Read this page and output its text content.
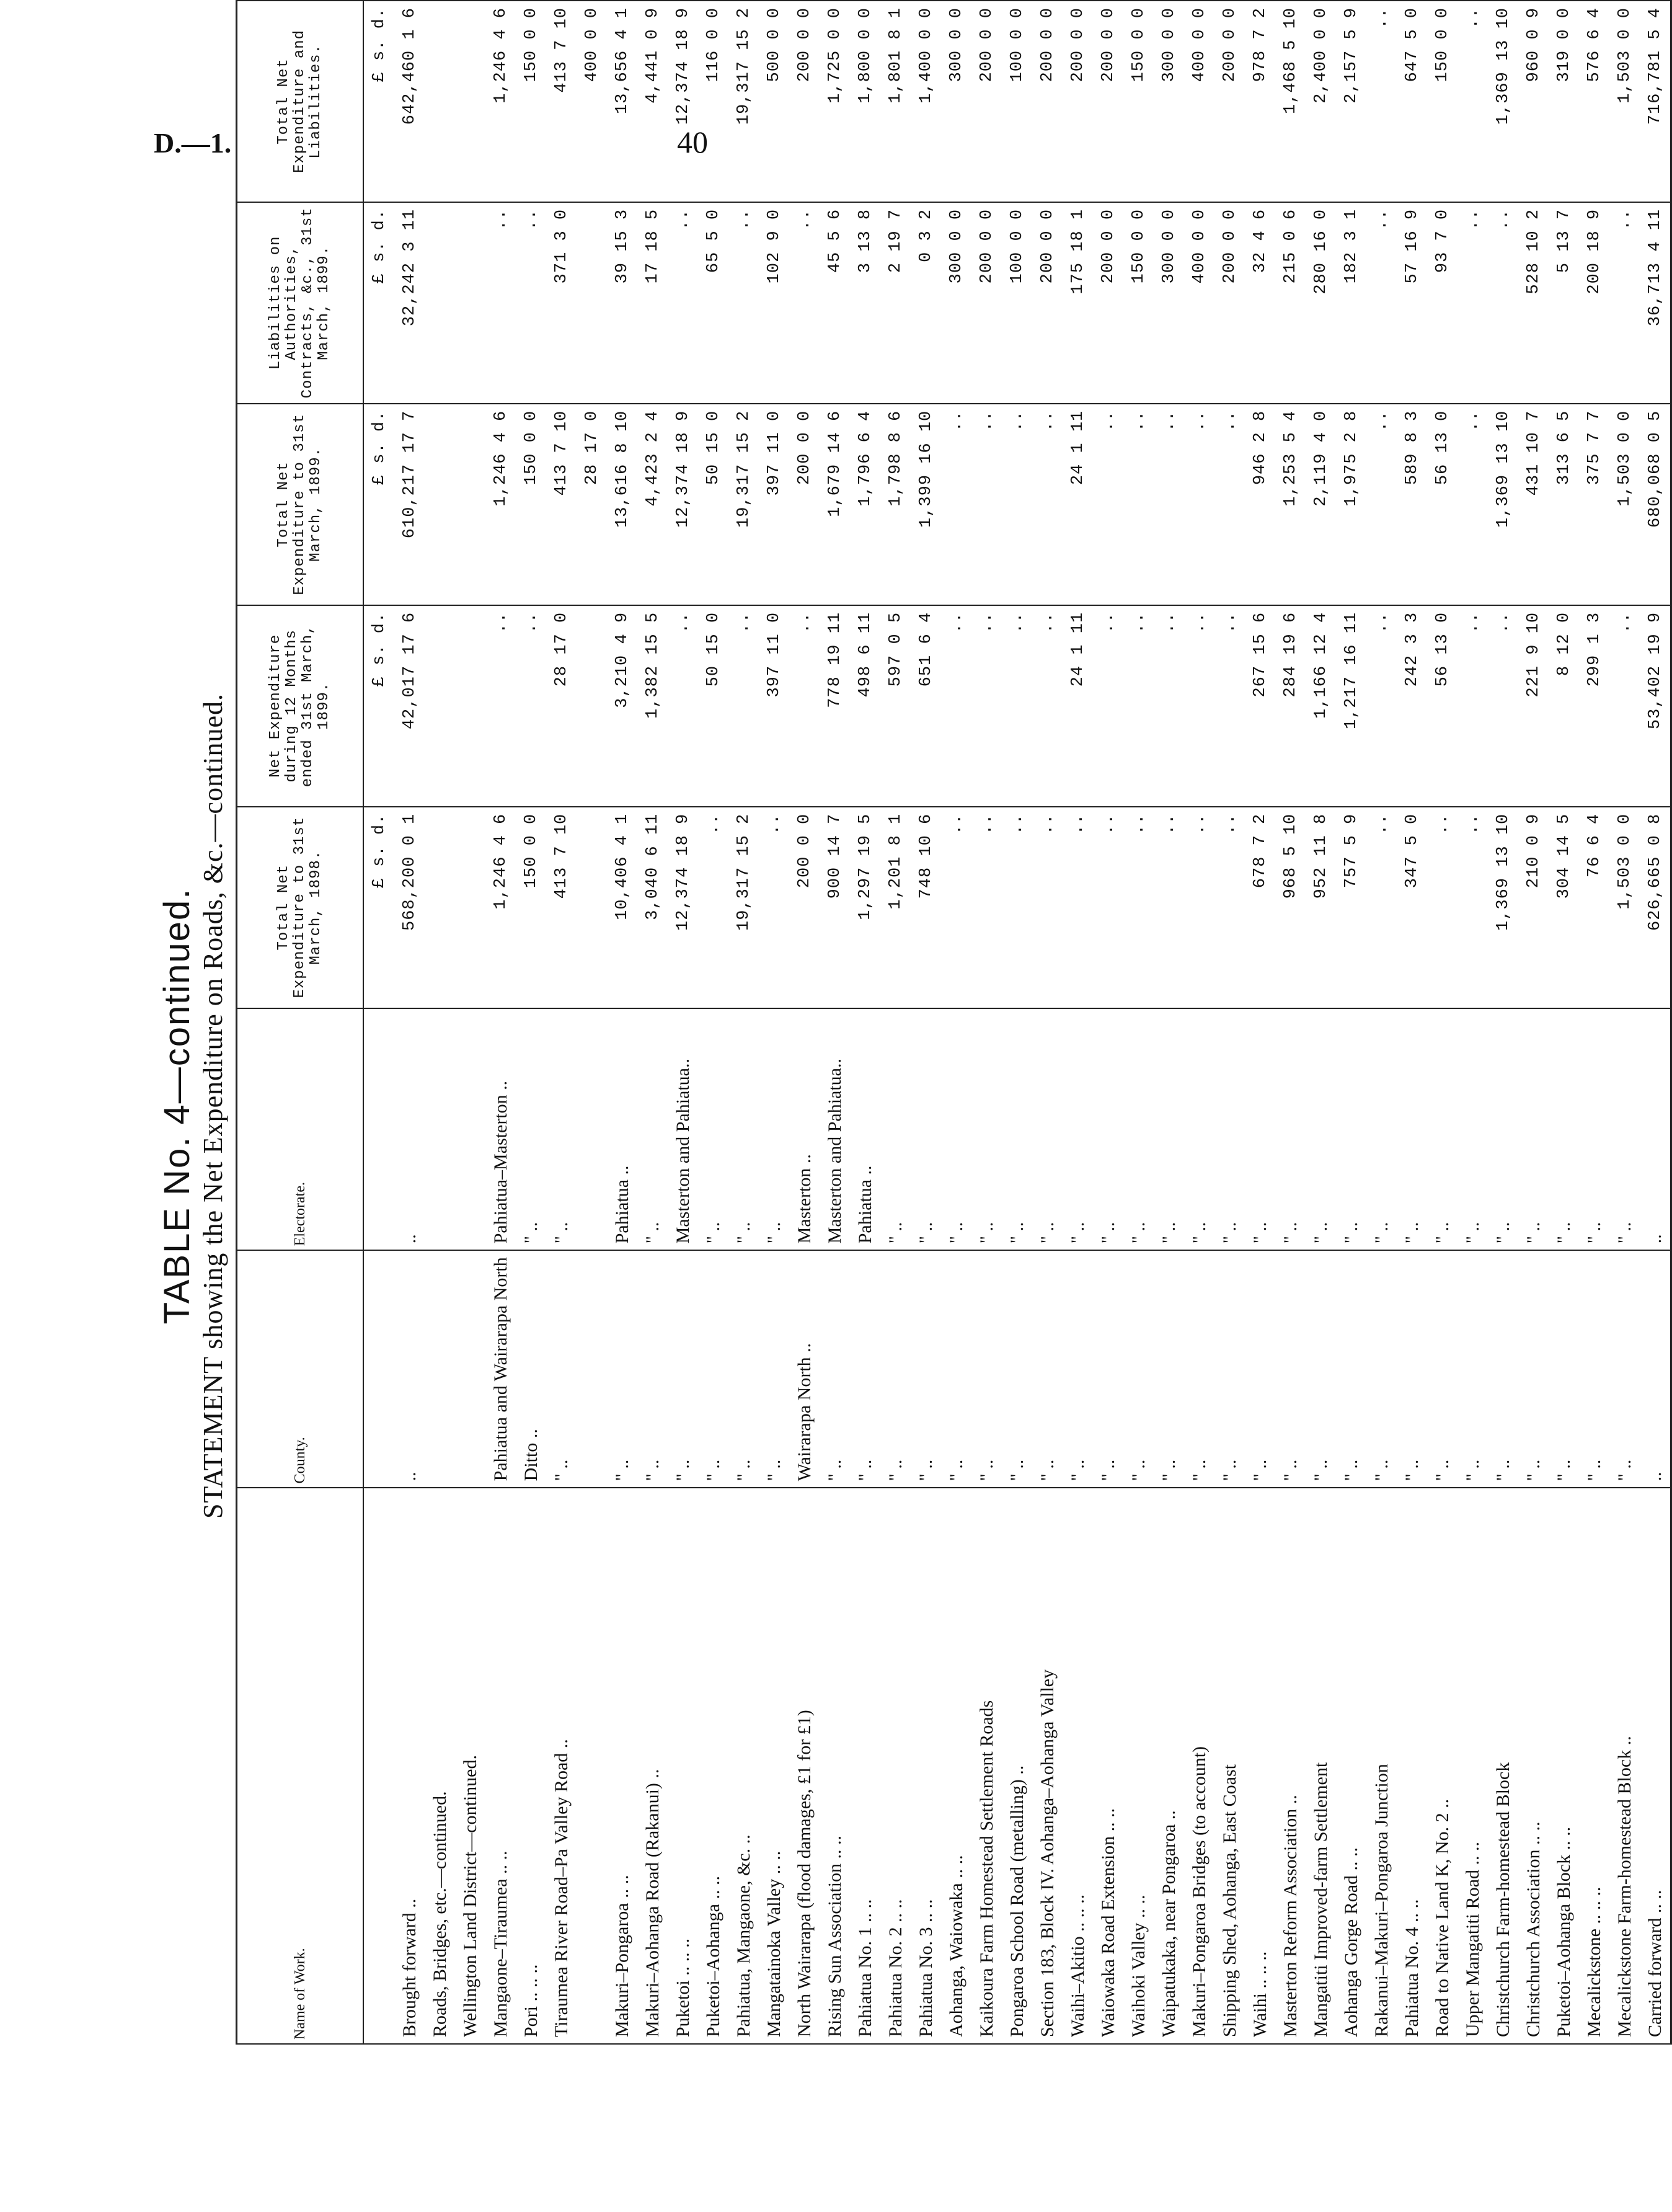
D.—1.	40
TABLE No. 4—continued. STATEMENT showing the Net Expenditure on Roads, &c.—continued.
Name of Work.	County.	Electorate.	Total Net Expenditure to 31st March, 1898.	Net Expenditure during 12 Months ended 31st March, 1899.	Total Net Expenditure to 31st March, 1899.	Liabilities on Authorities, Contracts, &c., 31st March, 1899.	Total Net Expenditure and Liabilities.
			£ s. d.	£ s. d.	£ s. d.	£ s. d.	£ s. d.
Brought forward ..	..	..	568,200 0 1	42,017 17 6	610,217 17 7	32,242 3 11	642,460 1 6
Roads, Bridges, etc.—continued.							
Wellington Land District—continued.							
Mangaone–Tiraumea .. ..	Pahiatua and Wairarapa North	Pahiatua–Masterton ..	1,246 4 6	..	1,246 4 6	..	1,246 4 6
Pori .. .. ..	Ditto ..	" ..	150 0 0	..	150 0 0	..	150 0 0
Tiraumea River Road–Pa Valley Road ..	" ..	" ..	413 7 10	28 17 0	413 7 10	371 3 0	413 7 10
					28 17 0		400 0 0
Makuri–Pongaroa .. ..	" ..	Pahiatua ..	10,406 4 1	3,210 4 9	13,616 8 10	39 15 3	13,656 4 1
Makuri–Aohanga Road (Rakanui) ..	" ..	" ..	3,040 6 11	1,382 15 5	4,423 2 4	17 18 5	4,441 0 9
Puketoi .. .. ..	" ..	Masterton and Pahiatua..	12,374 18 9	..	12,374 18 9	..	12,374 18 9
Puketoi–Aohanga .. ..	" ..	" ..	..	50 15 0	50 15 0	65 5 0	116 0 0
Pahiatua, Mangaone, &c. ..	" ..	" ..	19,317 15 2	..	19,317 15 2	..	19,317 15 2
Mangatainoka Valley .. ..	" ..	" ..	..	397 11 0	397 11 0	102 9 0	500 0 0
North Wairarapa (flood damages, £1 for £1)	Wairarapa North ..	Masterton ..	200 0 0	..	200 0 0	..	200 0 0
Rising Sun Association .. ..	" ..	Masterton and Pahiatua..	900 14 7	778 19 11	1,679 14 6	45 5 6	1,725 0 0
Pahiatua No. 1 .. ..	" ..	Pahiatua ..	1,297 19 5	498 6 11	1,796 6 4	3 13 8	1,800 0 0
Pahiatua No. 2 .. ..	" ..	" ..	1,201 8 1	597 0 5	1,798 8 6	2 19 7	1,801 8 1
Pahiatua No. 3 .. ..	" ..	" ..	748 10 6	651 6 4	1,399 16 10	0 3 2	1,400 0 0
Aohanga, Waiowaka .. ..	" ..	" ..	..	..	..	300 0 0	300 0 0
Kaikoura Farm Homestead Settlement Roads	" ..	" ..	..	..	..	200 0 0	200 0 0
Pongaroa School Road (metalling) ..	" ..	" ..	..	..	..	100 0 0	100 0 0
Section 183, Block IV. Aohanga–Aohanga Valley	" ..	" ..	..	..	..	200 0 0	200 0 0
Waihi–Akitio .. .. ..	" ..	" ..	..	24 1 11	24 1 11	175 18 1	200 0 0
Waiowaka Road Extension .. ..	" ..	" ..	..	..	..	200 0 0	200 0 0
Waihoki Valley .. ..	" ..	" ..	..	..	..	150 0 0	150 0 0
Waipatukaka, near Pongaroa ..	" ..	" ..	..	..	..	300 0 0	300 0 0
Makuri–Pongaroa Bridges (to account)	" ..	" ..	..	..	..	400 0 0	400 0 0
Shipping Shed, Aohanga, East Coast	" ..	" ..	..	..	..	200 0 0	200 0 0
Waihi .. .. ..	" ..	" ..	678 7 2	267 15 6	946 2 8	32 4 6	978 7 2
Masterton Reform Association ..	" ..	" ..	968 5 10	284 19 6	1,253 5 4	215 0 6	1,468 5 10
Mangatiti Improved-farm Settlement	" ..	" ..	952 11 8	1,166 12 4	2,119 4 0	280 16 0	2,400 0 0
Aohanga Gorge Road .. ..	" ..	" ..	757 5 9	1,217 16 11	1,975 2 8	182 3 1	2,157 5 9
Rakanui–Makuri–Pongaroa Junction	" ..	" ..	..	..	..	..	..
Pahiatua No. 4 .. ..	" ..	" ..	347 5 0	242 3 3	589 8 3	57 16 9	647 5 0
Road to Native Land K, No. 2 ..	" ..	" ..	..	56 13 0	56 13 0	93 7 0	150 0 0
Upper Mangatiti Road .. ..	" ..	" ..	..	..	..	..	..
Christchurch Farm-homestead Block	" ..	" ..	1,369 13 10	..	1,369 13 10	..	1,369 13 10
Christchurch Association .. ..	" ..	" ..	210 0 9	221 9 10	431 10 7	528 10 2	960 0 9
Puketoi–Aohanga Block .. ..	" ..	" ..	304 14 5	8 12 0	313 6 5	5 13 7	319 0 0
Mecalickstone .. .. ..	" ..	" ..	76 6 4	299 1 3	375 7 7	200 18 9	576 6 4
Mecalickstone Farm-homestead Block ..	" ..	" ..	1,503 0 0	..	1,503 0 0	..	1,503 0 0
Carried forward .. ..	..	..	626,665 0 8	53,402 19 9	680,068 0 5	36,713 4 11	716,781 5 4
